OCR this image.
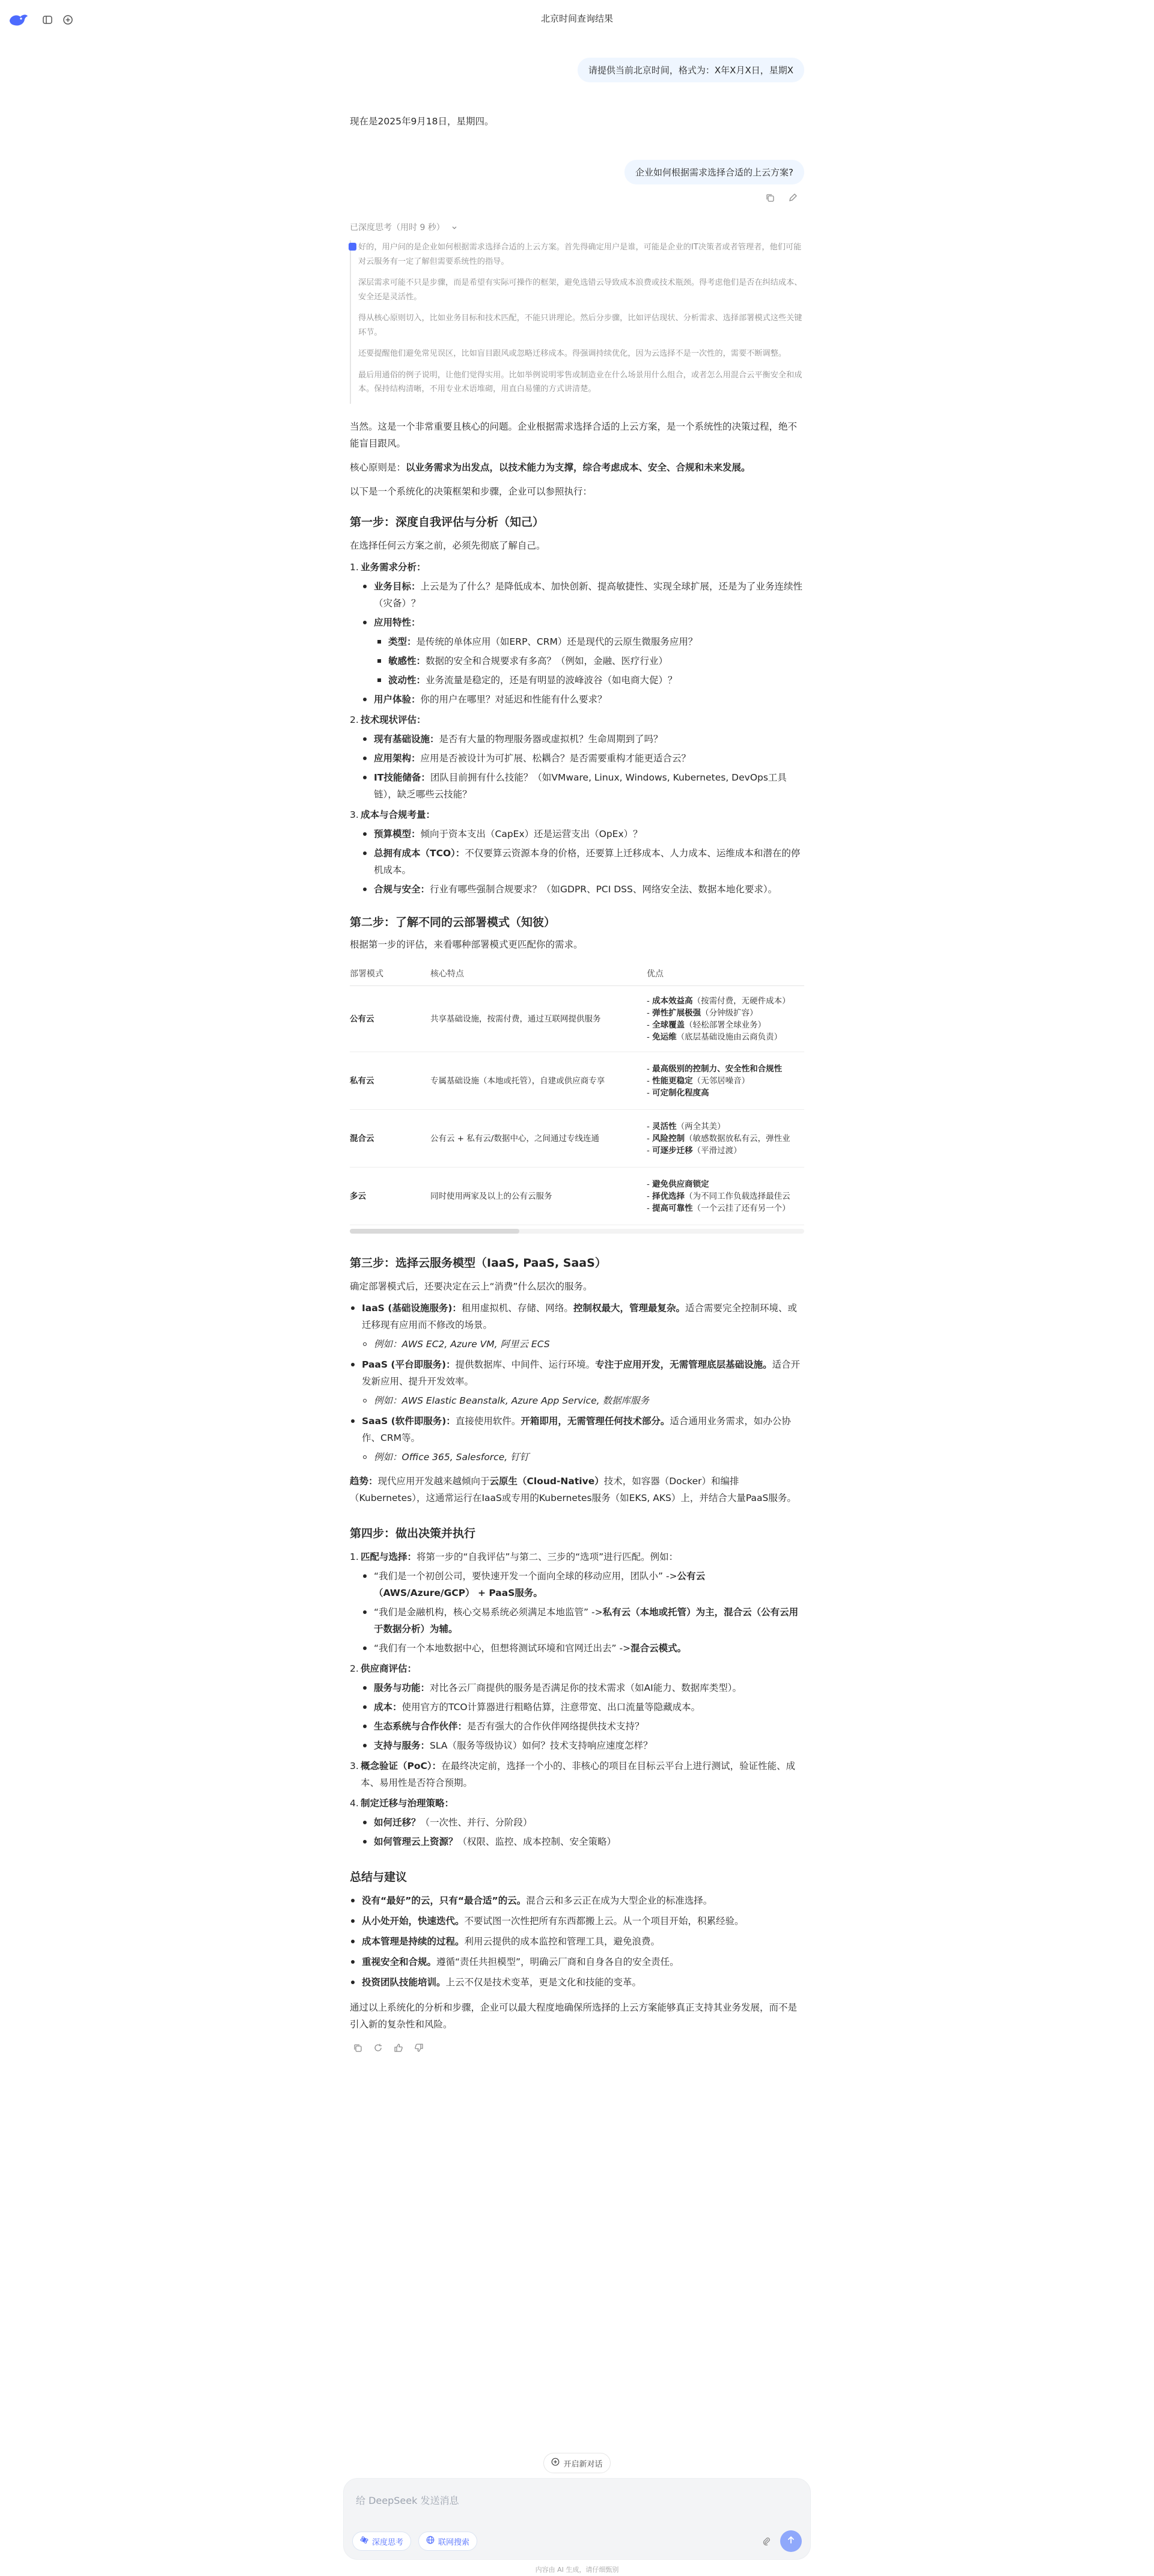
北京时间查询结果
请提供当前北京时间，格式为：X年X月X日，星期X
现在是2025年9月18日，星期四。
企业如何根据需求选择合适的上云方案?
已深度思考（用时 9 秒）

好的，用户问的是企业如何根据需求选择合适的上云方案。首先得确定用户是谁，可能是企业的IT决策者或者管理者，他们可能对云服务有一定了解但需要系统性的指导。

深层需求可能不只是步骤，而是希望有实际可操作的框架，避免选错云导致成本浪费或技术瓶颈。得考虑他们是否在纠结成本、安全还是灵活性。

得从核心原则切入，比如业务目标和技术匹配，不能只讲理论。然后分步骤，比如评估现状、分析需求、选择部署模式这些关键环节。

还要提醒他们避免常见误区，比如盲目跟风或忽略迁移成本。得强调持续优化，因为云选择不是一次性的，需要不断调整。

最后用通俗的例子说明，让他们觉得实用。比如举例说明零售或制造业在什么场景用什么组合，或者怎么用混合云平衡安全和成本。保持结构清晰，不用专业术语堆砌，用直白易懂的方式讲清楚。

当然。这是一个非常重要且核心的问题。企业根据需求选择合适的上云方案，是一个系统性的决策过程，绝不能盲目跟风。
核心原则是：以业务需求为出发点，以技术能力为支撑，综合考虑成本、安全、合规和未来发展。
以下是一个系统化的决策框架和步骤，企业可以参照执行：
第一步：深度自我评估与分析（知己）
在选择任何云方案之前，必须先彻底了解自己。
1. 业务需求分析：
业务目标：上云是为了什么？是降低成本、加快创新、提高敏捷性、实现全球扩展，还是为了业务连续性（灾备）？
应用特性：
类型：是传统的单体应用（如ERP、CRM）还是现代的云原生微服务应用？
敏感性：数据的安全和合规要求有多高？（例如，金融、医疗行业）
波动性：业务流量是稳定的，还是有明显的波峰波谷（如电商大促）？
用户体验：你的用户在哪里？对延迟和性能有什么要求？
2. 技术现状评估：
现有基础设施：是否有大量的物理服务器或虚拟机？生命周期到了吗？
应用架构：应用是否被设计为可扩展、松耦合？是否需要重构才能更适合云？
IT技能储备：团队目前拥有什么技能？（如VMware, Linux, Windows, Kubernetes, DevOps工具链），缺乏哪些云技能？
3. 成本与合规考量：
预算模型：倾向于资本支出（CapEx）还是运营支出（OpEx）？
总拥有成本（TCO）：不仅要算云资源本身的价格，还要算上迁移成本、人力成本、运维成本和潜在的停机成本。
合规与安全：行业有哪些强制合规要求？（如GDPR、PCI DSS、网络安全法、数据本地化要求）。
第二步：了解不同的云部署模式（知彼）
根据第一步的评估，来看哪种部署模式更匹配你的需求。
部署模式	核心特点	优点
公有云	共享基础设施，按需付费，通过互联网提供服务	- 成本效益高（按需付费，无硬件成本）
- 弹性扩展极强（分钟级扩容）
- 全球覆盖（轻松部署全球业务）
- 免运维（底层基础设施由云商负责）

私有云	专属基础设施（本地或托管），自建或供应商专享	- 最高级别的控制力、安全性和合规性
- 性能更稳定（无邻居噪音）
- 可定制化程度高

混合云	公有云 + 私有云/数据中心，之间通过专线连通	- 灵活性（两全其美）
- 风险控制（敏感数据放私有云，弹性业
- 可逐步迁移（平滑过渡）

多云	同时使用两家及以上的公有云服务	- 避免供应商锁定
- 择优选择（为不同工作负载选择最佳云
- 提高可靠性（一个云挂了还有另一个）
第三步：选择云服务模型（IaaS, PaaS, SaaS）
确定部署模式后，还要决定在云上“消费”什么层次的服务。
IaaS (基础设施服务)：租用虚拟机、存储、网络。控制权最大，管理最复杂。适合需要完全控制环境、或迁移现有应用而不修改的场景。
例如：AWS EC2, Azure VM, 阿里云 ECS
PaaS (平台即服务)：提供数据库、中间件、运行环境。专注于应用开发，无需管理底层基础设施。适合开发新应用、提升开发效率。
例如：AWS Elastic Beanstalk, Azure App Service, 数据库服务
SaaS (软件即服务)：直接使用软件。开箱即用，无需管理任何技术部分。适合通用业务需求，如办公协作、CRM等。
例如：Office 365, Salesforce, 钉钉
趋势：现代应用开发越来越倾向于云原生（Cloud-Native）技术，如容器（Docker）和编排（Kubernetes），这通常运行在IaaS或专用的Kubernetes服务（如EKS, AKS）上，并结合大量PaaS服务。
第四步：做出决策并执行
1. 匹配与选择：将第一步的“自我评估”与第二、三步的“选项”进行匹配。例如：
“我们是一个初创公司，要快速开发一个面向全球的移动应用，团队小” ->公有云（AWS/Azure/GCP） + PaaS服务。
“我们是金融机构，核心交易系统必须满足本地监管” ->私有云（本地或托管）为主，混合云（公有云用于数据分析）为辅。
“我们有一个本地数据中心，但想将测试环境和官网迁出去” ->混合云模式。
2. 供应商评估：
服务与功能：对比各云厂商提供的服务是否满足你的技术需求（如AI能力、数据库类型）。
成本：使用官方的TCO计算器进行粗略估算，注意带宽、出口流量等隐藏成本。
生态系统与合作伙伴：是否有强大的合作伙伴网络提供技术支持？
支持与服务：SLA（服务等级协议）如何？技术支持响应速度怎样？
3. 概念验证（PoC）：在最终决定前，选择一个小的、非核心的项目在目标云平台上进行测试，验证性能、成本、易用性是否符合预期。
4. 制定迁移与治理策略：
如何迁移？（一次性、并行、分阶段）
如何管理云上资源？（权限、监控、成本控制、安全策略）
总结与建议
没有“最好”的云，只有“最合适”的云。混合云和多云正在成为大型企业的标准选择。
从小处开始，快速迭代。不要试图一次性把所有东西都搬上云。从一个项目开始，积累经验。
成本管理是持续的过程。利用云提供的成本监控和管理工具，避免浪费。
重视安全和合规。遵循“责任共担模型”，明确云厂商和自身各自的安全责任。
投资团队技能培训。上云不仅是技术变革，更是文化和技能的变革。
通过以上系统化的分析和步骤，企业可以最大程度地确保所选择的上云方案能够真正支持其业务发展，而不是引入新的复杂性和风险。
开启新对话
给 DeepSeek 发送消息
深度思考	联网搜索
内容由 AI 生成，请仔细甄别
